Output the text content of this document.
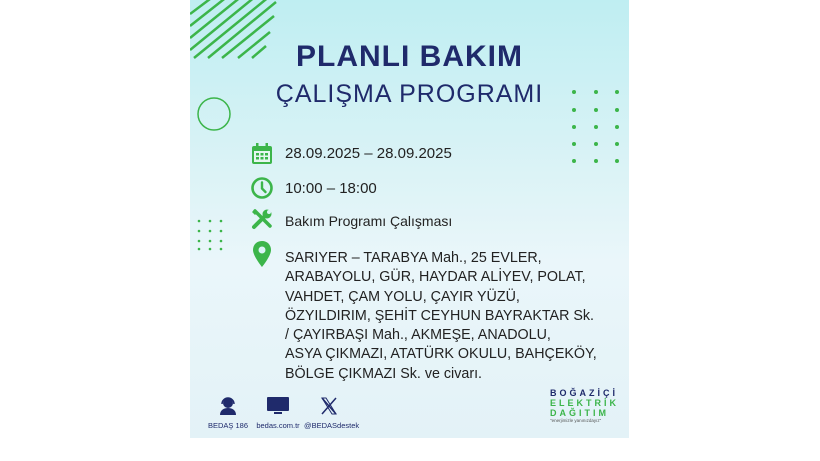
PLANLI BAKIM
ÇALIŞMA PROGRAMI
28.09.2025 – 28.09.2025
10:00 – 18:00
Bakım Programı Çalışması
SARIYER – TARABYA Mah., 25 EVLER,
ARABAYOLU, GÜR, HAYDAR ALİYEV, POLAT,
VAHDET, ÇAM YOLU, ÇAYIR YÜZÜ,
ÖZYILDIRIM, ŞEHİT CEYHUN BAYRAKTAR Sk.
/ ÇAYIRBAŞI Mah., AKMEŞE, ANADOLU,
ASYA ÇIKMAZI, ATATÜRK OKULU, BAHÇEKÖY,
BÖLGE ÇIKMAZI Sk. ve civarı.
BEDAŞ 186	bedas.com.tr @BEDASdestek
BOĞAZİÇİ
ELEKTRİK
DAĞITIM
"enerjimizle yanınızdayız"
